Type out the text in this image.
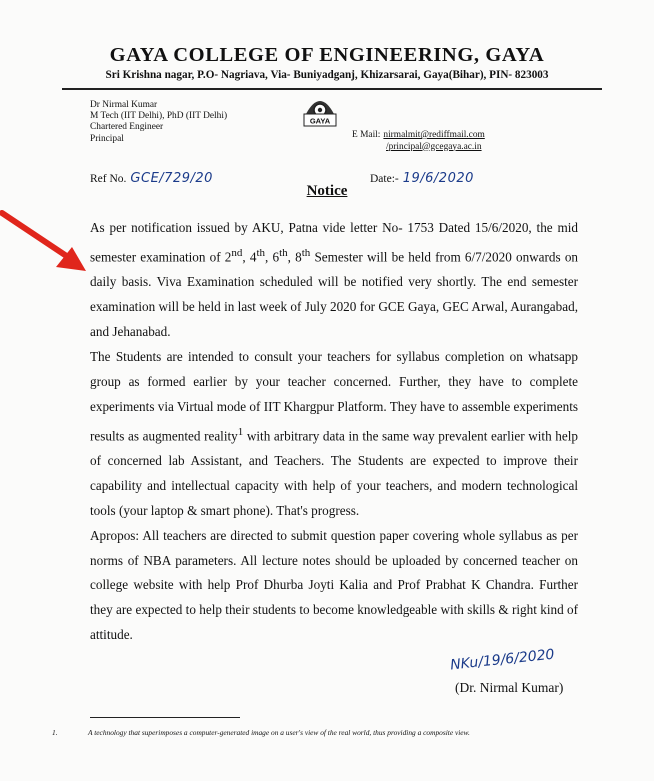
GAYA COLLEGE OF ENGINEERING, GAYA
Sri Krishna nagar, P.O- Nagriava, Via- Buniyadganj, Khizarsarai, Gaya(Bihar), PIN- 823003
Dr Nirmal Kumar
M Tech (IIT Delhi), PhD (IIT Delhi)
Chartered Engineer
Principal
GAYA
E Mail: nirmalmit@rediffmail.com
/principal@gcegaya.ac.in
Ref No. GCE/729/20	Date:- 19/6/2020
Notice

As per notification issued by AKU, Patna vide letter No- 1753 Dated 15/6/2020, the mid semester examination of 2nd, 4th, 6th, 8th Semester will be held from 6/7/2020 onwards on daily basis. Viva Examination scheduled will be notified very shortly. The end semester examination will be held in last week of July 2020 for GCE Gaya, GEC Arwal, Aurangabad, and Jehanabad.

The Students are intended to consult your teachers for syllabus completion on whatsapp group as formed earlier by your teacher concerned. Further, they have to complete experiments via Virtual mode of IIT Khargpur Platform. They have to assemble experiments results as augmented reality$^1$ with arbitrary data in the same way prevalent earlier with help of concerned lab Assistant, and Teachers. The Students are expected to improve their capability and intellectual capacity with help of your teachers, and modern technological tools (your laptop & smart phone). That's progress.

Apropos: All teachers are directed to submit question paper covering whole syllabus as per norms of NBA parameters. All lecture notes should be uploaded by concerned teacher on college website with help Prof Dhurba Joyti Kalia and Prof Prabhat K Chandra. Further they are expected to help their students to become knowledgeable with skills & right kind of attitude.

NKu/19/6/2020
(Dr. Nirmal Kumar)
1.	A technology that superimposes a computer-generated image on a user's view of the real world, thus providing a composite view.
